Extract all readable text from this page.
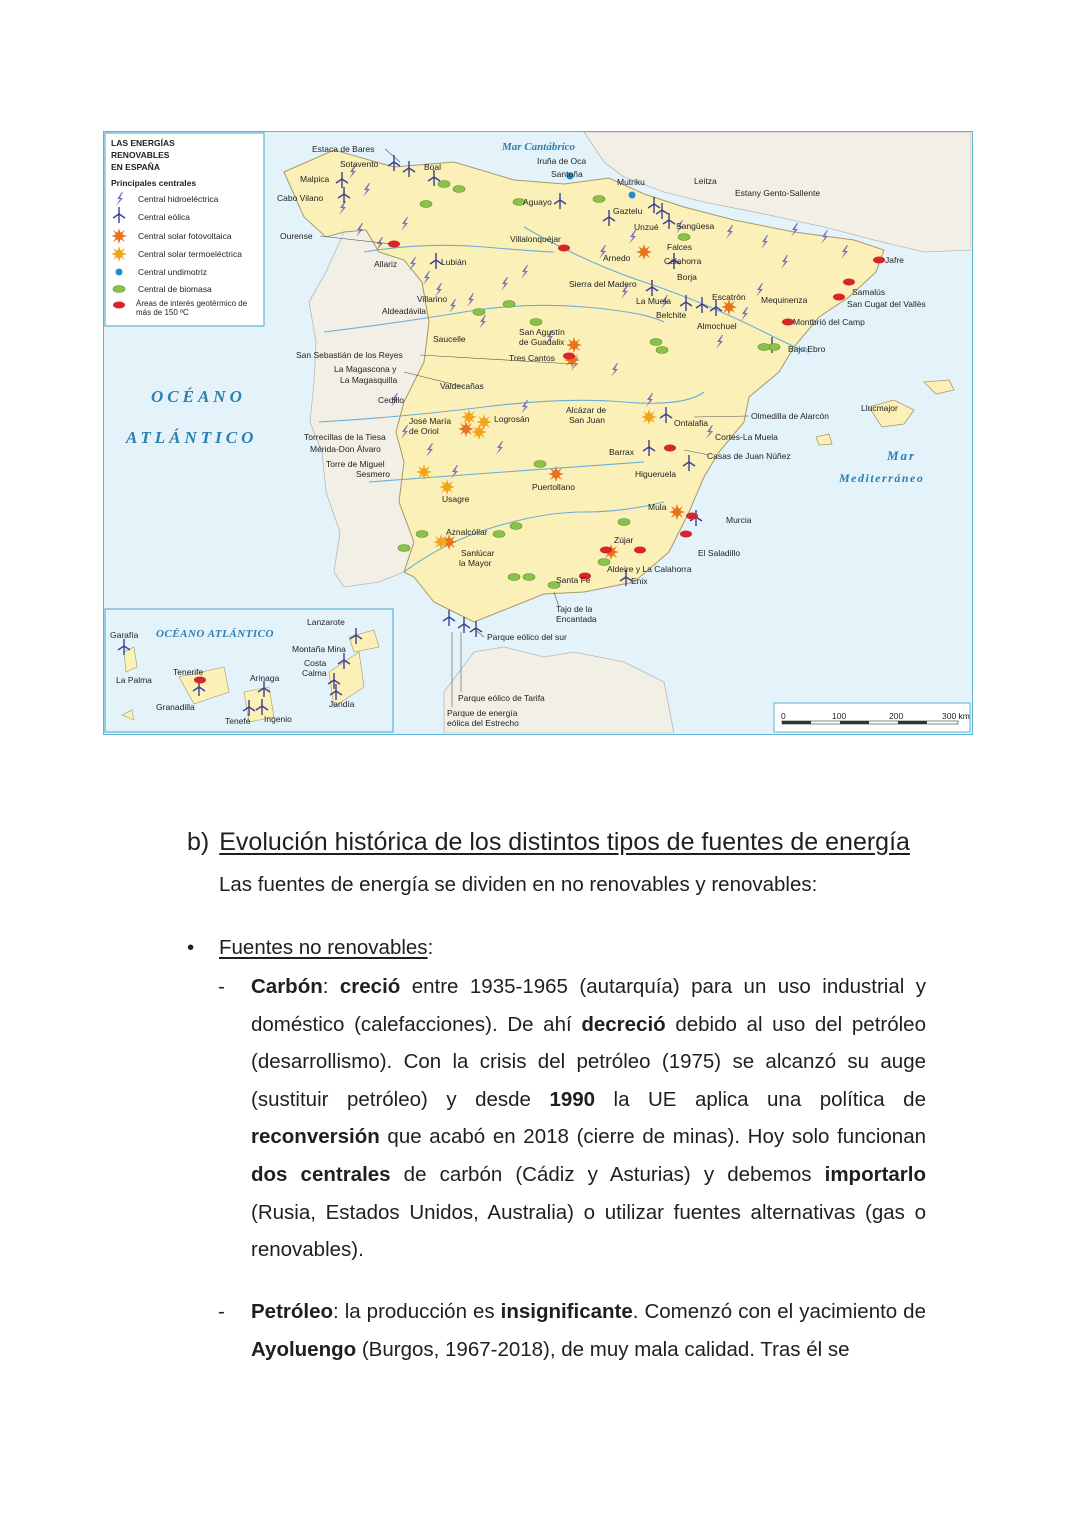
LAS ENERGÍAS
RENOVABLES
EN ESPAÑA
Principales centrales
Central hidroeléctrica
Central eólica
Central solar fotovoltaica
Central solar termoeléctrica
Central undimotriz
Central de biomasa
Áreas de interés geotérmico de más de 150 ºC
Mar Cantábrico
Mar
Mediterráneo
OCÉANO
ATLÁNTICO
Estaca de Bares
Sotavento	Boal
Malpica
Cabo Vilano
Ourense
Allariz	Lubián
Villarino
Aldeadávila
Saucelle
San Sebastián de los Reyes
La Magascona y
La Magasquilla
Valdecañas
Cedillo
José María
de Oriol
Logrosán
Torrecillas de la Tiesa
Mérida-Don Álvaro
Torre de Miguel
Sesmero
Usagre
Aznalcóllar
Sanlúcar
la Mayor
Parque eólico del sur
Parque eólico de Tarifa
Parque de energía
eólica del Estrecho
Tajo de la
Encantada
Santa Fe
Aldeire y La Calahorra
Enix
Zújar
El Saladillo
Murcia
Mula
Puertollano
Higueruela
Barrax	Casas de Juan Núñez
Cortes-La Muela
Ontalafia
Olmedilla de Alarcón
Alcázar de
San Juan
San Agustín
de Guadalix
Tres Cantos
Villalonquéjar
Aguayo
Iruña de Oca
Santoña
Mutriku	Leitza
Gaztelu
Unzué Sangüesa
Falces
Arnedo	Calahorra
Borja
Sierra del Madero
La Muela
Belchite
Escatrón
Almochuel
Mequinenza
Estany Gento-Sallente
Jafre
Samalús
San Cugat del Vallès
Montbrió del Camp
Bajo Ebro
Llucmajor
OCÉANO ATLÁNTICO
Garafía
La Palma
Tenerife
Granadilla
Arinaga
Tenefe Ingenio
Lanzarote
Montaña Mina
Costa
Calma
Jandía
0	100	200	300 km
b) Evolución histórica de los distintos tipos de fuentes de energía
Las fuentes de energía se dividen en no renovables y renovables:
• Fuentes no renovables:
- Carbón: creció entre 1935-1965 (autarquía) para un uso industrial y doméstico (calefacciones). De ahí decreció debido al uso del petróleo (desarrollismo). Con la crisis del petróleo (1975) se alcanzó su auge (sustituir petróleo) y desde 1990 la UE aplica una política de reconversión que acabó en 2018 (cierre de minas). Hoy solo funcionan dos centrales de carbón (Cádiz y Asturias) y debemos importarlo (Rusia, Estados Unidos, Australia) o utilizar fuentes alternativas (gas o renovables).
- Petróleo: la producción es insignificante. Comenzó con el yacimiento de Ayoluengo (Burgos, 1967-2018), de muy mala calidad. Tras él se
